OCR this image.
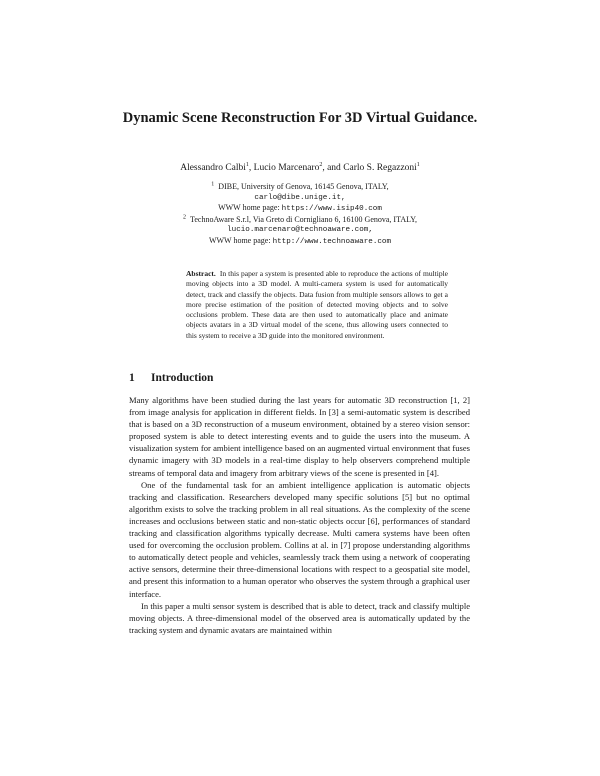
Dynamic Scene Reconstruction For 3D Virtual Guidance.
Alessandro Calbi$^1$, Lucio Marcenaro$^2$, and Carlo S. Regazzoni$^1$
$^1$ DIBE, University of Genova, 16145 Genova, ITALY,
carlo@dibe.unige.it,
WWW home page: https://www.isip40.com
$^2$ TechnoAware S.r.l, Via Greto di Cornigliano 6, 16100 Genova, ITALY,
lucio.marcenaro@technoaware.com,
WWW home page: http://www.technoaware.com
Abstract. In this paper a system is presented able to reproduce the actions of multiple moving objects into a 3D model. A multi-camera system is used for automatically detect, track and classify the objects. Data fusion from multiple sensors allows to get a more precise estimation of the position of detected moving objects and to solve occlusions problem. These data are then used to automatically place and animate objects avatars in a 3D virtual model of the scene, thus allowing users connected to this system to receive a 3D guide into the monitored environment.
1 Introduction

Many algorithms have been studied during the last years for automatic 3D reconstruction [1, 2] from image analysis for application in different fields. In [3] a semi-automatic system is described that is based on a 3D reconstruction of a museum environment, obtained by a stereo vision sensor: proposed system is able to detect interesting events and to guide the users into the museum. A visualization system for ambient intelligence based on an augmented virtual environment that fuses dynamic imagery with 3D models in a real-time display to help observers comprehend multiple streams of temporal data and imagery from arbitrary views of the scene is presented in [4].

One of the fundamental task for an ambient intelligence application is automatic objects tracking and classification. Researchers developed many specific solutions [5] but no optimal algorithm exists to solve the tracking problem in all real situations. As the complexity of the scene increases and occlusions between static and non-static objects occur [6], performances of standard tracking and classification algorithms typically decrease. Multi camera systems have been often used for overcoming the occlusion problem. Collins at al. in [7] propose understanding algorithms to automatically detect people and vehicles, seamlessly track them using a network of cooperating active sensors, determine their three-dimensional locations with respect to a geospatial site model, and present this information to a human operator who observes the system through a graphical user interface.

In this paper a multi sensor system is described that is able to detect, track and classify multiple moving objects. A three-dimensional model of the observed area is automatically updated by the tracking system and dynamic avatars are maintained within
